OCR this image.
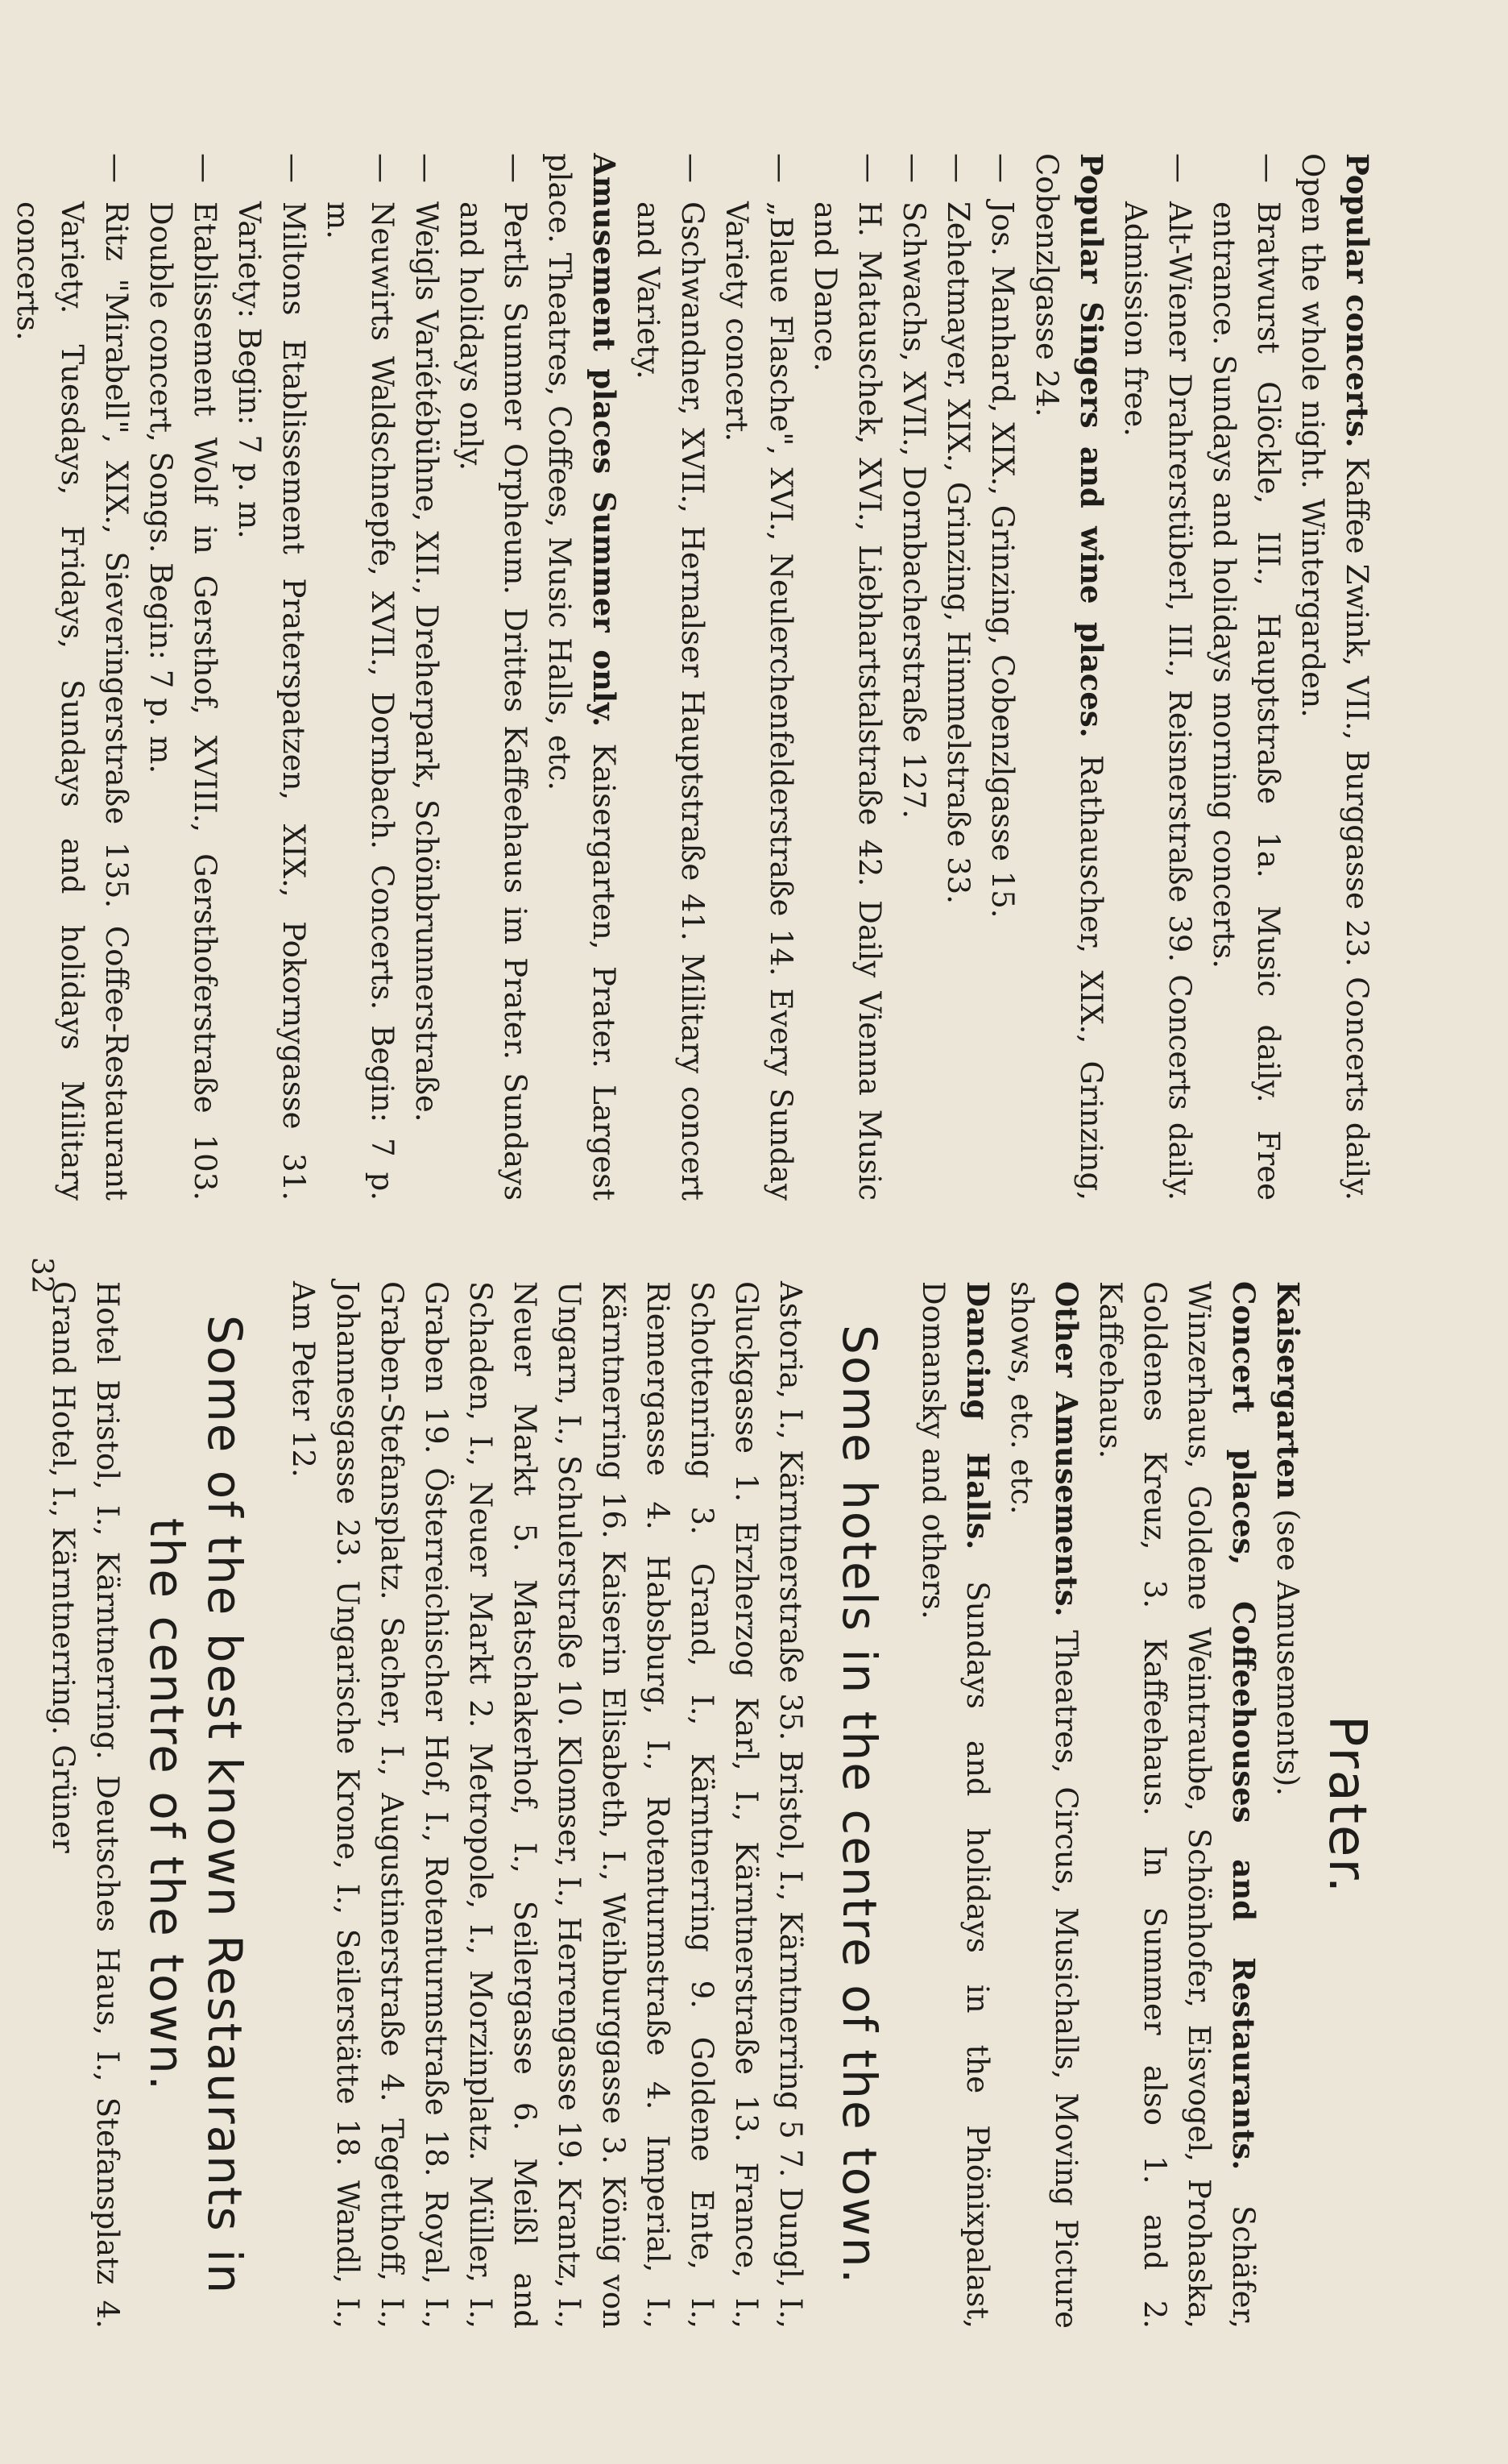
Popular concerts. Kaffee Zwink, VII., Burggasse 23. Concerts daily. Open the whole night. Wintergarden.

—Bratwurst Glöckle, III., Hauptstraße 1a. Music daily. Free entrance. Sundays and holidays morning concerts.

—Alt-Wiener Drahrerstüberl, III., Reisnerstraße 39. Concerts daily. Admission free.

Popular Singers and wine places. Rathauscher, XIX., Grinzing, Cobenzlgasse 24.

—Jos. Manhard, XIX., Grinzing, Cobenzlgasse 15.

—Zehetmayer, XIX., Grinzing, Himmelstraße 33.

—Schwachs, XVII., Dornbacherstraße 127.

—H. Matauschek, XVI., Liebhartstalstraße 42. Daily Vienna Music and Dance.

—„Blaue Flasche", XVI., Neulerchenfelderstraße 14. Every Sunday Variety concert.

—Gschwandner, XVII., Hernalser Hauptstraße 41. Military concert and Variety.

Amusement places Summer only. Kaisergarten, Prater. Largest place. Theatres, Coffees, Music Halls, etc.

—Pertls Summer Orpheum. Drittes Kaffeehaus im Prater. Sundays and holidays only.

—Weigls Variétébühne, XII., Dreherpark, Schönbrunnerstraße.

—Neuwirts Waldschnepfe, XVII., Dornbach. Concerts. Begin: 7 p. m.

—Miltons Etablissement Praterspatzen, XIX., Pokornygasse 31. Variety: Begin: 7 p. m.

—Etablissement Wolf in Gersthof, XVIII., Gersthoferstraße 103. Double concert, Songs. Begin: 7 p. m.

—Ritz "Mirabell", XIX., Sieveringerstraße 135. Coffee-Restaurant Variety. Tuesdays, Fridays, Sundays and holidays Military concerts.

Prater.

Kaisergarten (see Amusements).

Concert places, Coffeehouses and Restaurants. Schäfer, Winzerhaus, Goldene Weintraube, Schönhofer, Eisvogel, Prohaska, Goldenes Kreuz, 3. Kaffeehaus. In Summer also 1. and 2. Kaffeehaus.

Other Amusements. Theatres, Circus, Musichalls, Moving Picture shows, etc. etc.

Dancing Halls. Sundays and holidays in the Phönixpalast, Domansky and others.

Some hotels in the centre of the town.

Astoria, I., Kärntnerstraße 35. Bristol, I., Kärntnerring 5 7. Dungl, I., Gluckgasse 1. Erzherzog Karl, I., Kärntnerstraße 13. France, I., Schottenring 3. Grand, I., Kärntnerring 9. Goldene Ente, I., Riemergasse 4. Habsburg, I., Rotenturmstraße 4. Imperial, I., Kärntnerring 16. Kaiserin Elisabeth, I., Weihburggasse 3. König von Ungarn, I., Schulerstraße 10. Klomser, I., Herrengasse 19. Krantz, I., Neuer Markt 5. Matschakerhof, I., Seilergasse 6. Meißl and Schaden, I., Neuer Markt 2. Metropole, I., Morzinplatz. Müller, I., Graben 19. Österreichischer Hof, I., Rotenturmstraße 18. Royal, I., Graben-Stefansplatz. Sacher, I., Augustinerstraße 4. Tegetthoff, I., Johannesgasse 23. Ungarische Krone, I., Seilerstätte 18. Wandl, I., Am Peter 12.

Some of the best known Restaurants in the centre of the town.

Hotel Bristol, I., Kärntnerring. Deutsches Haus, I., Stefansplatz 4. Grand Hotel, I., Kärntnerring. Grüner

32
